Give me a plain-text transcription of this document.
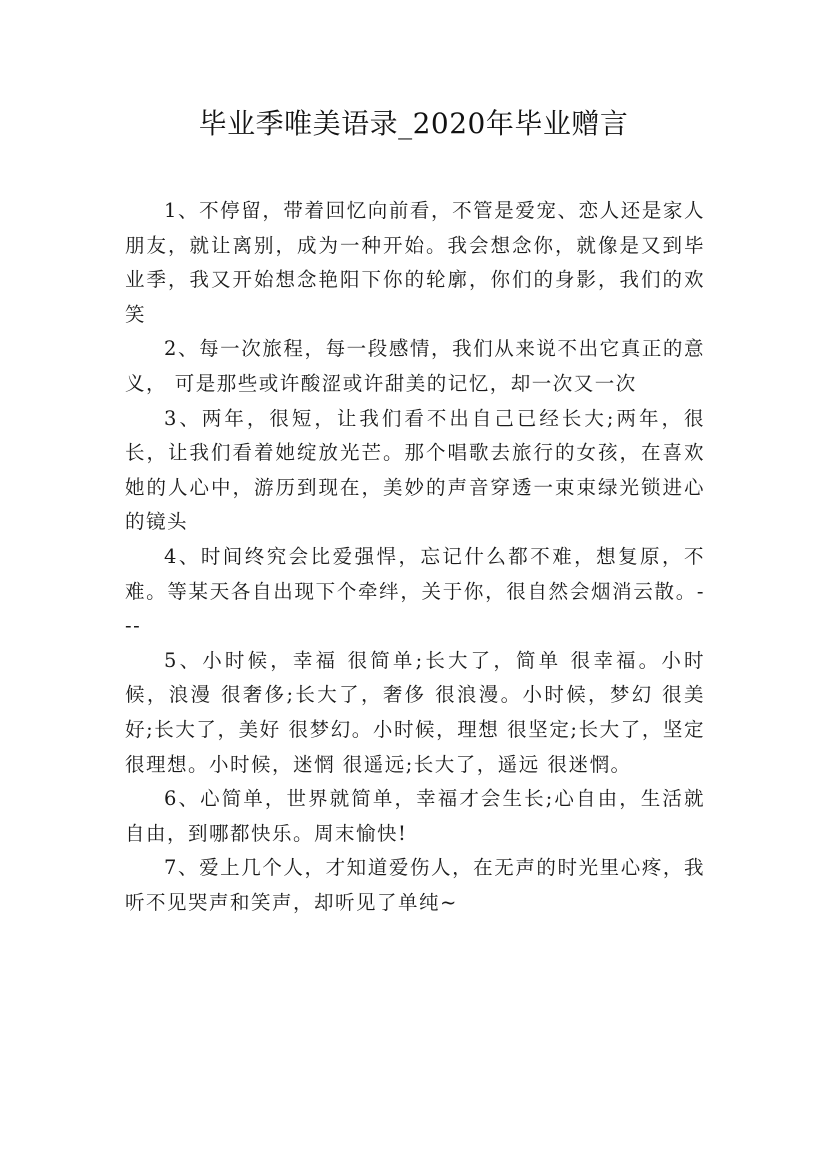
毕业季唯美语录_2020年毕业赠言

1、不停留，带着回忆向前看，不管是爱宠、恋人还是家人朋友，就让离别，成为一种开始。我会想念你，就像是又到毕业季，我又开始想念艳阳下你的轮廓，你们的身影，我们的欢笑

2、每一次旅程，每一段感情，我们从来说不出它真正的意义， 可是那些或许酸涩或许甜美的记忆，却一次又一次

3、两年，很短，让我们看不出自己已经长大;两年，很长，让我们看着她绽放光芒。那个唱歌去旅行的女孩，在喜欢她的人心中，游历到现在，美妙的声音穿透一束束绿光锁进心的镜头

4、时间终究会比爱强悍，忘记什么都不难，想复原，不难。等某天各自出现下个牵绊，关于你，很自然会烟消云散。---

5、小时候，幸福 很简单;长大了，简单 很幸福。小时候，浪漫 很奢侈;长大了，奢侈 很浪漫。小时候，梦幻 很美好;长大了，美好 很梦幻。小时候，理想 很坚定;长大了，坚定 很理想。小时候，迷惘 很遥远;长大了，遥远 很迷惘。

6、心简单，世界就简单，幸福才会生长;心自由，生活就自由，到哪都快乐。周末愉快!

7、爱上几个人，才知道爱伤人，在无声的时光里心疼，我听不见哭声和笑声，却听见了单纯~
